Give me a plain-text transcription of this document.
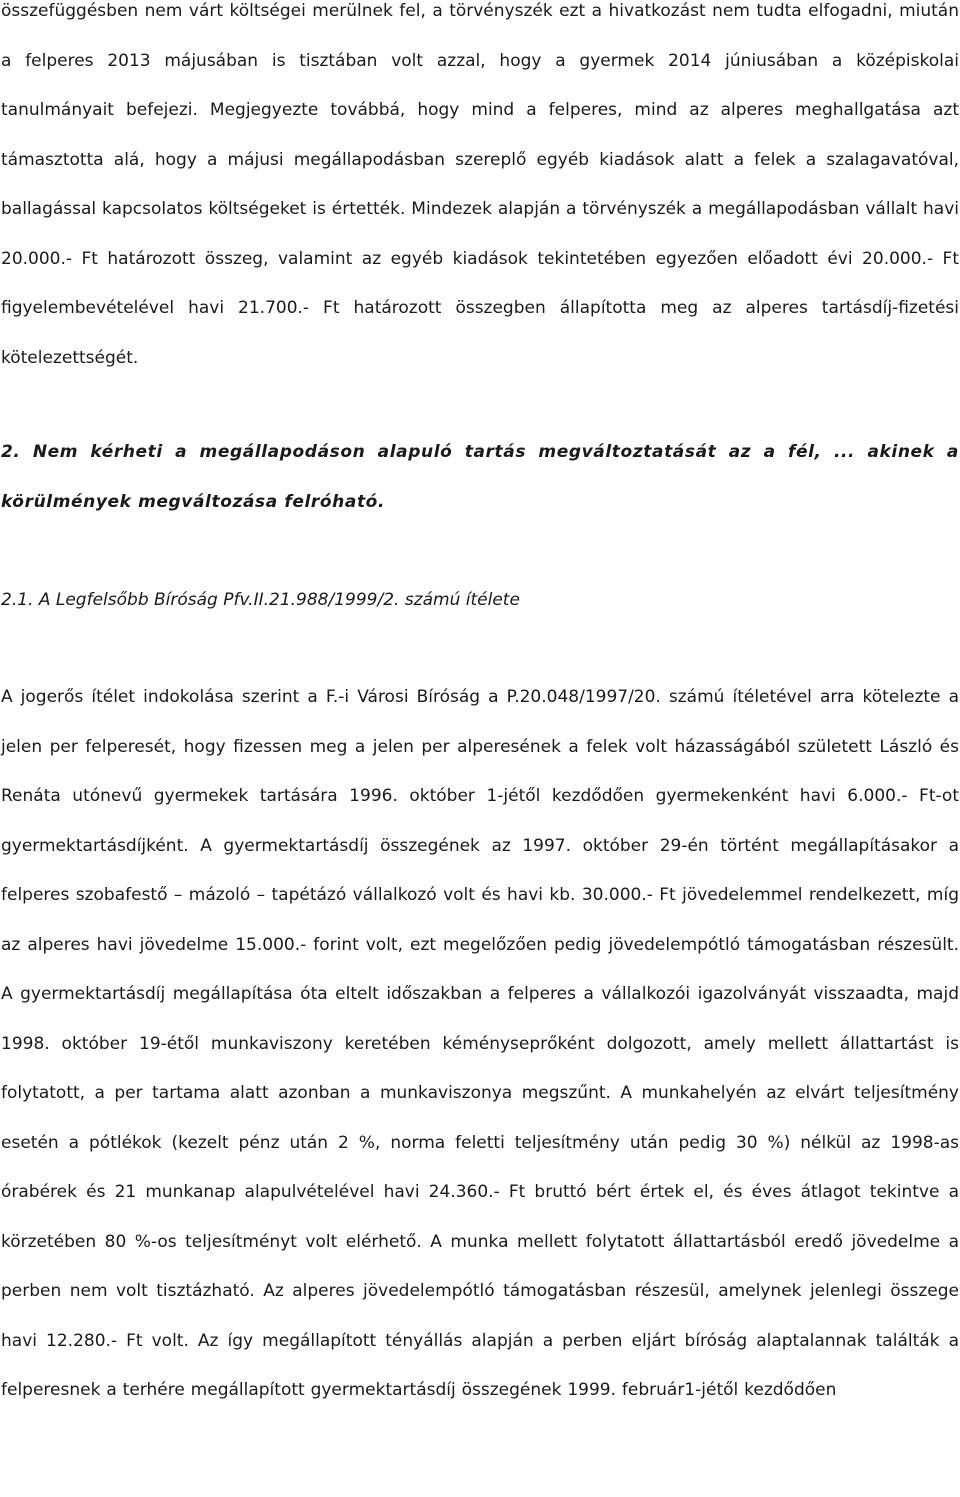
összefüggésben nem várt költségei merülnek fel, a törvényszék ezt a hivatkozást nem tudta elfogadni, miután a felperes 2013 májusában is tisztában volt azzal, hogy a gyermek 2014 júniusában a középiskolai tanulmányait befejezi. Megjegyezte továbbá, hogy mind a felperes, mind az alperes meghallgatása azt támasztotta alá, hogy a májusi megállapodásban szereplő egyéb kiadások alatt a felek a szalagavatóval, ballagással kapcsolatos költségeket is értették. Mindezek alapján a törvényszék a megállapodásban vállalt havi 20.000.- Ft határozott összeg, valamint az egyéb kiadások tekintetében egyezően előadott évi 20.000.- Ft figyelembevételével havi 21.700.- Ft határozott összegben állapította meg az alperes tartásdíj-fizetési kötelezettségét.

2. Nem kérheti a megállapodáson alapuló tartás megváltoztatását az a fél, ... akinek a körülmények megváltozása felróható.

2.1. A Legfelsőbb Bíróság Pfv.II.21.988/1999/2. számú ítélete

A jogerős ítélet indokolása szerint a F.-i Városi Bíróság a P.20.048/1997/20. számú ítéletével arra kötelezte a jelen per felperesét, hogy fizessen meg a jelen per alperesének a felek volt házasságából született László és Renáta utónevű gyermekek tartására 1996. október 1-jétől kezdődően gyermekenként havi 6.000.- Ft-ot gyermektartásdíjként. A gyermektartásdíj összegének az 1997. október 29-én történt megállapításakor a felperes szobafestő – mázoló – tapétázó vállalkozó volt és havi kb. 30.000.- Ft jövedelemmel rendelkezett, míg az alperes havi jövedelme 15.000.- forint volt, ezt megelőzően pedig jövedelempótló támogatásban részesült. A gyermektartásdíj megállapítása óta eltelt időszakban a felperes a vállalkozói igazolványát visszaadta, majd 1998. október 19-étől munkaviszony keretében kéményseprőként dolgozott, amely mellett állattartást is folytatott, a per tartama alatt azonban a munkaviszonya megszűnt. A munkahelyén az elvárt teljesítmény esetén a pótlékok (kezelt pénz után 2 %, norma feletti teljesítmény után pedig 30 %) nélkül az 1998-as órabérek és 21 munkanap alapulvételével havi 24.360.- Ft bruttó bért értek el, és éves átlagot tekintve a körzetében 80 %-os teljesítményt volt elérhető. A munka mellett folytatott állattartásból eredő jövedelme a perben nem volt tisztázható. Az alperes jövedelempótló támogatásban részesül, amelynek jelenlegi összege havi 12.280.- Ft volt. Az így megállapított tényállás alapján a perben eljárt bíróság alaptalannak találták a felperesnek a terhére megállapított gyermektartásdíj összegének 1999. február1-jétől kezdődően
